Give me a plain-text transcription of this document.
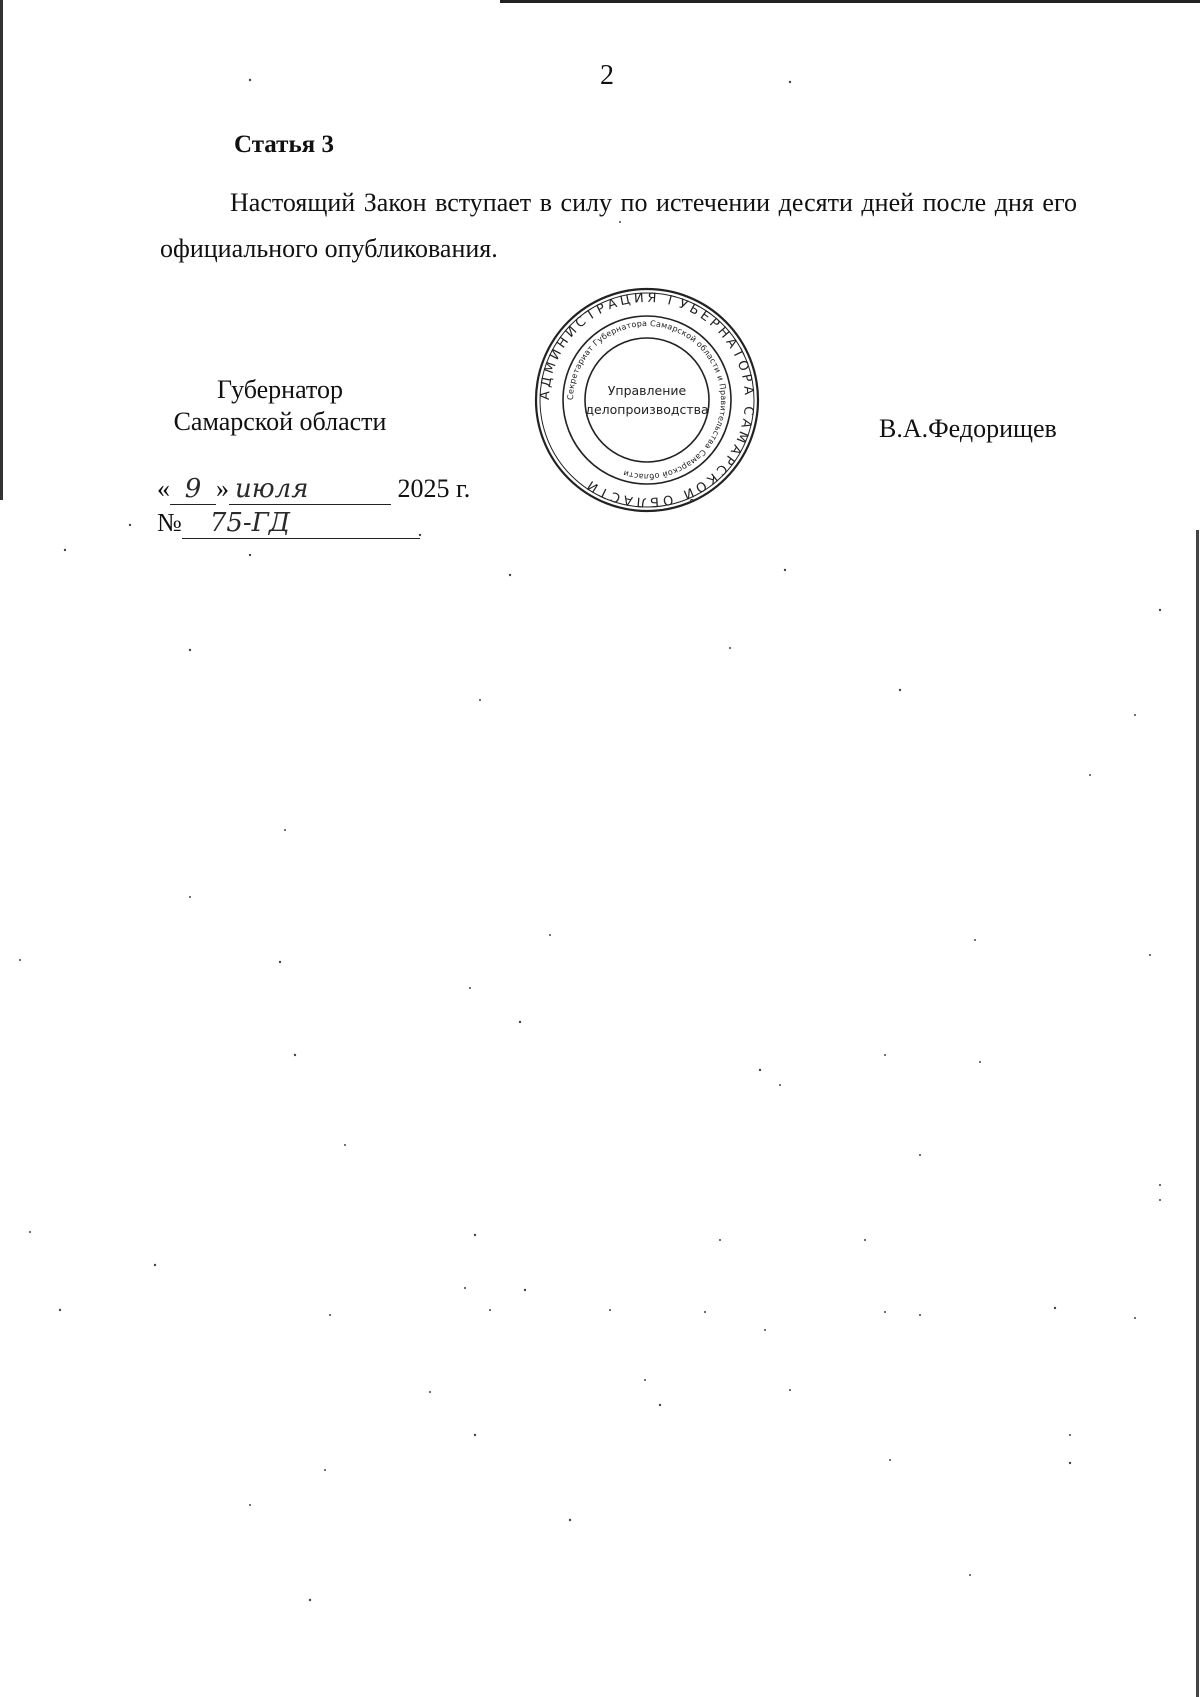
2
Статья 3

Настоящий Закон вступает в силу по истечении десяти дней после дня его официального опубликования.

Губернатор
Самарской области	В.А.Федорищев
« 9 » июля	2025 г.
№ 75-ГД
АДМИНИСТРАЦИЯ ГУБЕРНАТОРА САМАРСКОЙ ОБЛАСТИ
Секретариат Губернатора Самарской области и Правительства Самарской области
Управление
делопроизводства
